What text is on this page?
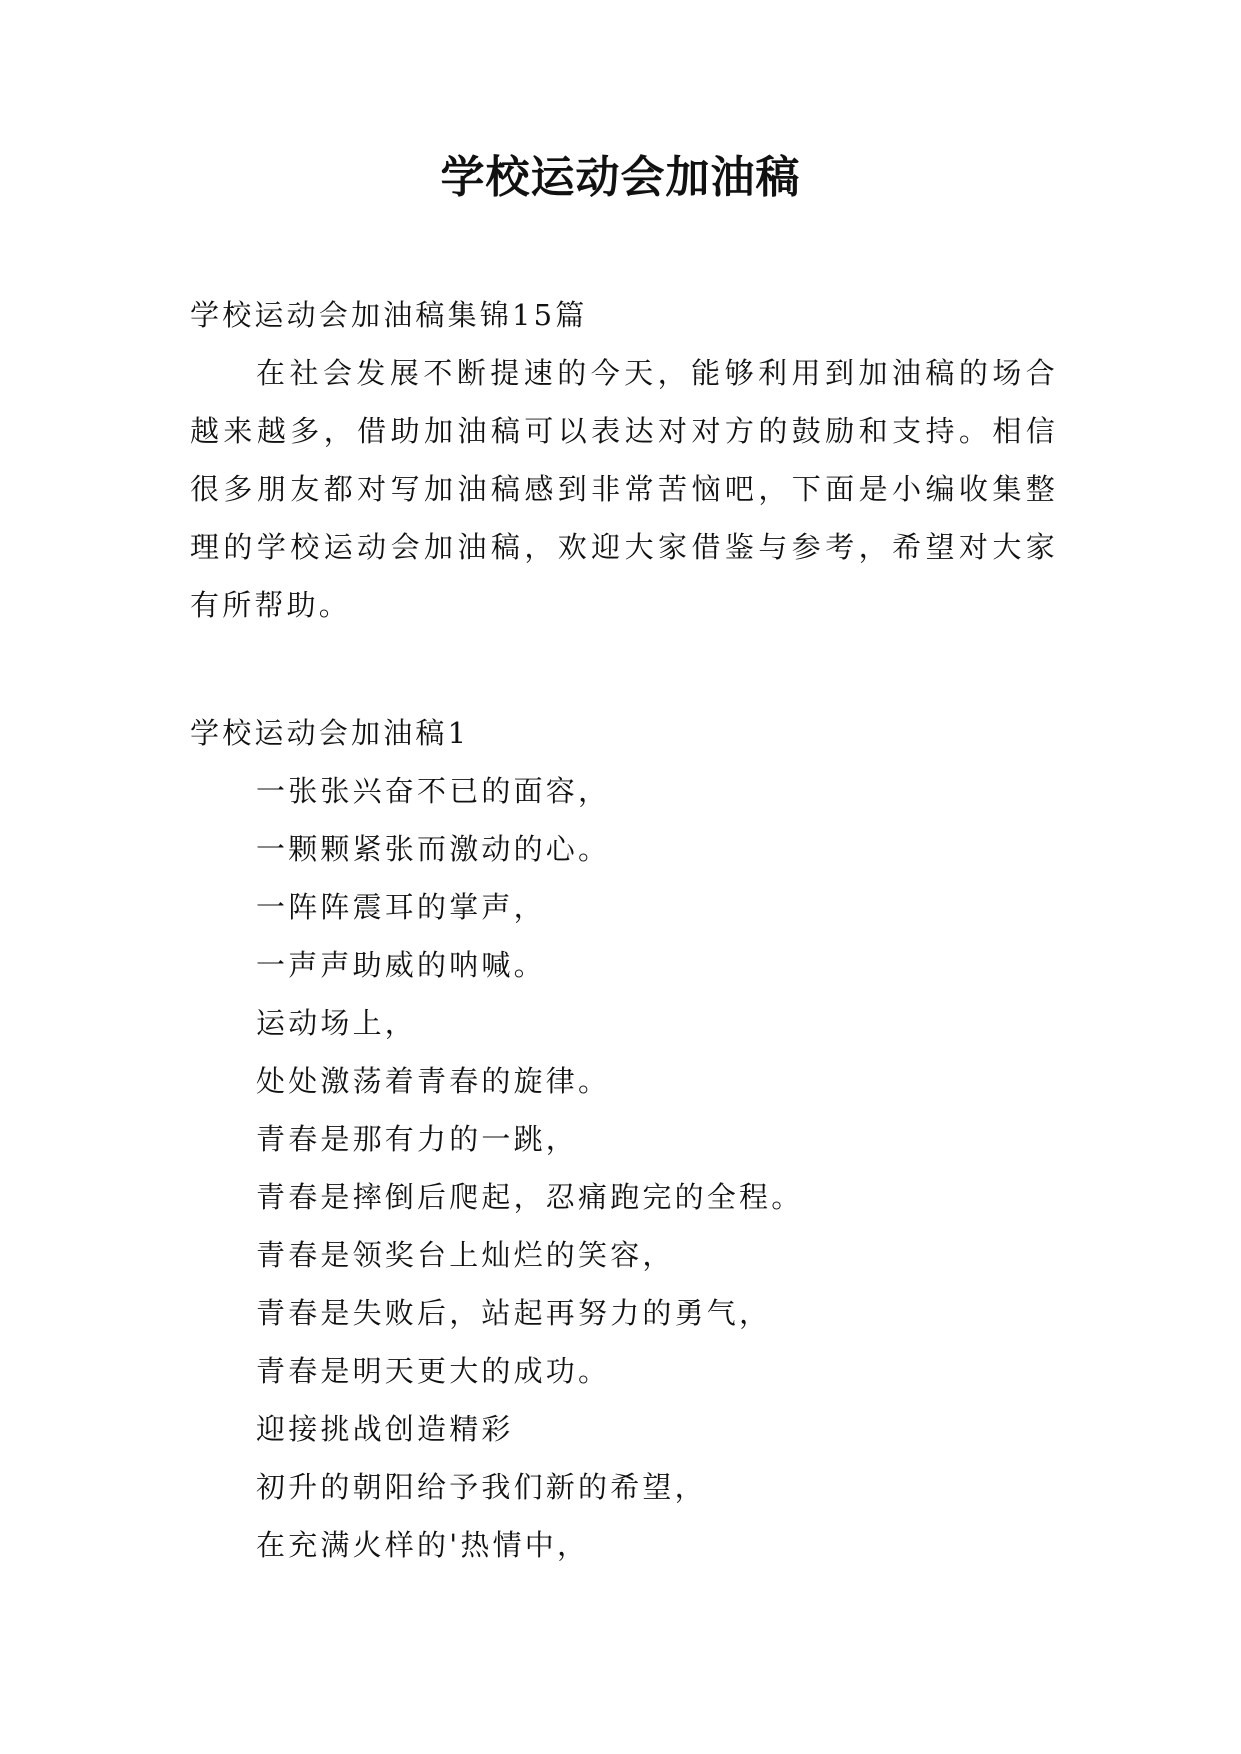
学校运动会加油稿

学校运动会加油稿集锦15篇

在社会发展不断提速的今天，能够利用到加油稿的场合越来越多，借助加油稿可以表达对对方的鼓励和支持。相信很多朋友都对写加油稿感到非常苦恼吧，下面是小编收集整理的学校运动会加油稿，欢迎大家借鉴与参考，希望对大家有所帮助。

学校运动会加油稿1

一张张兴奋不已的面容，
一颗颗紧张而激动的心。
一阵阵震耳的掌声，
一声声助威的呐喊。
运动场上，
处处激荡着青春的旋律。
青春是那有力的一跳，
青春是摔倒后爬起，忍痛跑完的全程。
青春是领奖台上灿烂的笑容，
青春是失败后，站起再努力的勇气，
青春是明天更大的成功。
迎接挑战创造精彩
初升的朝阳给予我们新的希望，
在充满火样的'热情中，
